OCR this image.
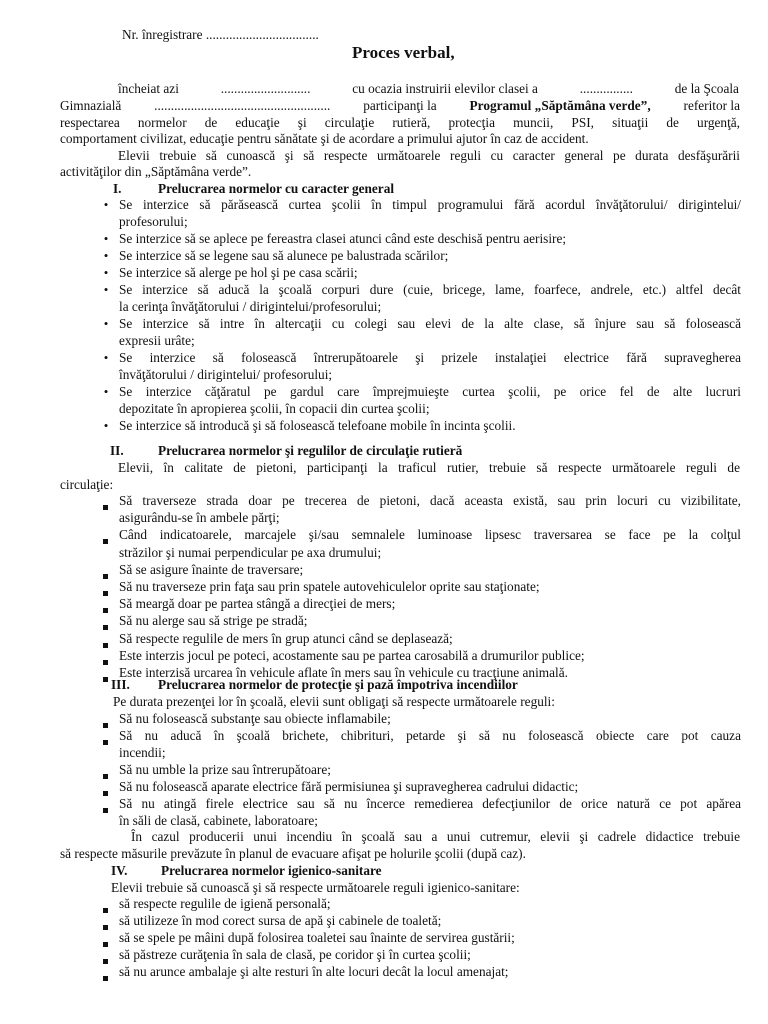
Nr. înregistrare ..................................
Proces verbal,
încheiat azi	...........................	cu ocazia instruirii elevilor clasei a	................	de la Şcoala
Gimnazială ..................................................... participanţi la Programul „Săptămâna verde”, referitor la
respectarea normelor de educaţie şi circulaţie rutieră, protecţia muncii, PSI, situaţii de urgenţă,
comportament civilizat, educaţie pentru sănătate şi de acordare a primului ajutor în caz de accident.
Elevii trebuie să cunoască şi să respecte următoarele reguli cu caracter general pe durata desfăşurării
activităţilor din „Săptămâna verde”.
I.	Prelucrarea normelor cu caracter general
• Se interzice să părăsească curtea şcolii în timpul programului fără acordul învăţătorului/ dirigintelui/
profesorului;
• Se interzice să se aplece pe fereastra clasei atunci când este deschisă pentru aerisire;
• Se interzice să se legene sau să alunece pe balustrada scărilor;
• Se interzice să alerge pe hol şi pe casa scării;
• Se interzice să aducă la şcoală corpuri dure (cuie, bricege, lame, foarfece, andrele, etc.) altfel decât
la cerinţa învăţătorului / dirigintelui/profesorului;
• Se interzice să intre în altercaţii cu colegi sau elevi de la alte clase, să înjure sau să folosească
expresii urâte;
• Se interzice să folosească întrerupătoarele şi prizele instalaţiei electrice fără supravegherea
învăţătorului / dirigintelui/ profesorului;
• Se interzice căţăratul pe gardul care împrejmuieşte curtea şcolii, pe orice fel de alte lucruri
depozitate în apropierea şcolii, în copacii din curtea şcolii;
• Se interzice să introducă şi să folosească telefoane mobile în incinta şcolii.
II.	Prelucrarea normelor şi regulilor de circulaţie rutieră
Elevii, în calitate de pietoni, participanţi la traficul rutier, trebuie să respecte următoarele reguli de
circulaţie:
Să traverseze strada doar pe trecerea de pietoni, dacă aceasta există, sau prin locuri cu vizibilitate,
asigurându-se în ambele părţi;
Când indicatoarele, marcajele şi/sau semnalele luminoase lipsesc traversarea se face pe la colţul
străzilor şi numai perpendicular pe axa drumului;
Să se asigure înainte de traversare;
Să nu traverseze prin faţa sau prin spatele autovehiculelor oprite sau staţionate;
Să meargă doar pe partea stângă a direcţiei de mers;
Să nu alerge sau să strige pe stradă;
Să respecte regulile de mers în grup atunci când se deplasează;
Este interzis jocul pe poteci, acostamente sau pe partea carosabilă a drumurilor publice;
Este interzisă urcarea în vehicule aflate în mers sau în vehicule cu tracţiune animală.
III. Prelucrarea normelor de protecţie şi pază împotriva incendiilor
Pe durata prezenţei lor în şcoală, elevii sunt obligaţi să respecte următoarele reguli:
Să nu folosească substanţe sau obiecte inflamabile;
Să nu aducă în şcoală brichete, chibrituri, petarde şi să nu folosească obiecte care pot cauza
incendii;
Să nu umble la prize sau întrerupătoare;
Să nu folosească aparate electrice fără permisiunea şi supravegherea cadrului didactic;
Să nu atingă firele electrice sau să nu încerce remedierea defecţiunilor de orice natură ce pot apărea
în săli de clasă, cabinete, laboratoare;
În cazul producerii unui incendiu în şcoală sau a unui cutremur, elevii şi cadrele didactice trebuie
să respecte măsurile prevăzute în planul de evacuare afişat pe holurile şcolii (după caz).
IV.	Prelucrarea normelor igienico-sanitare
Elevii trebuie să cunoască şi să respecte următoarele reguli igienico-sanitare:
să respecte regulile de igienă personală;
să utilizeze în mod corect sursa de apă şi cabinele de toaletă;
să se spele pe mâini după folosirea toaletei sau înainte de servirea gustării;
să păstreze curăţenia în sala de clasă, pe coridor şi în curtea şcolii;
să nu arunce ambalaje şi alte resturi în alte locuri decât la locul amenajat;
